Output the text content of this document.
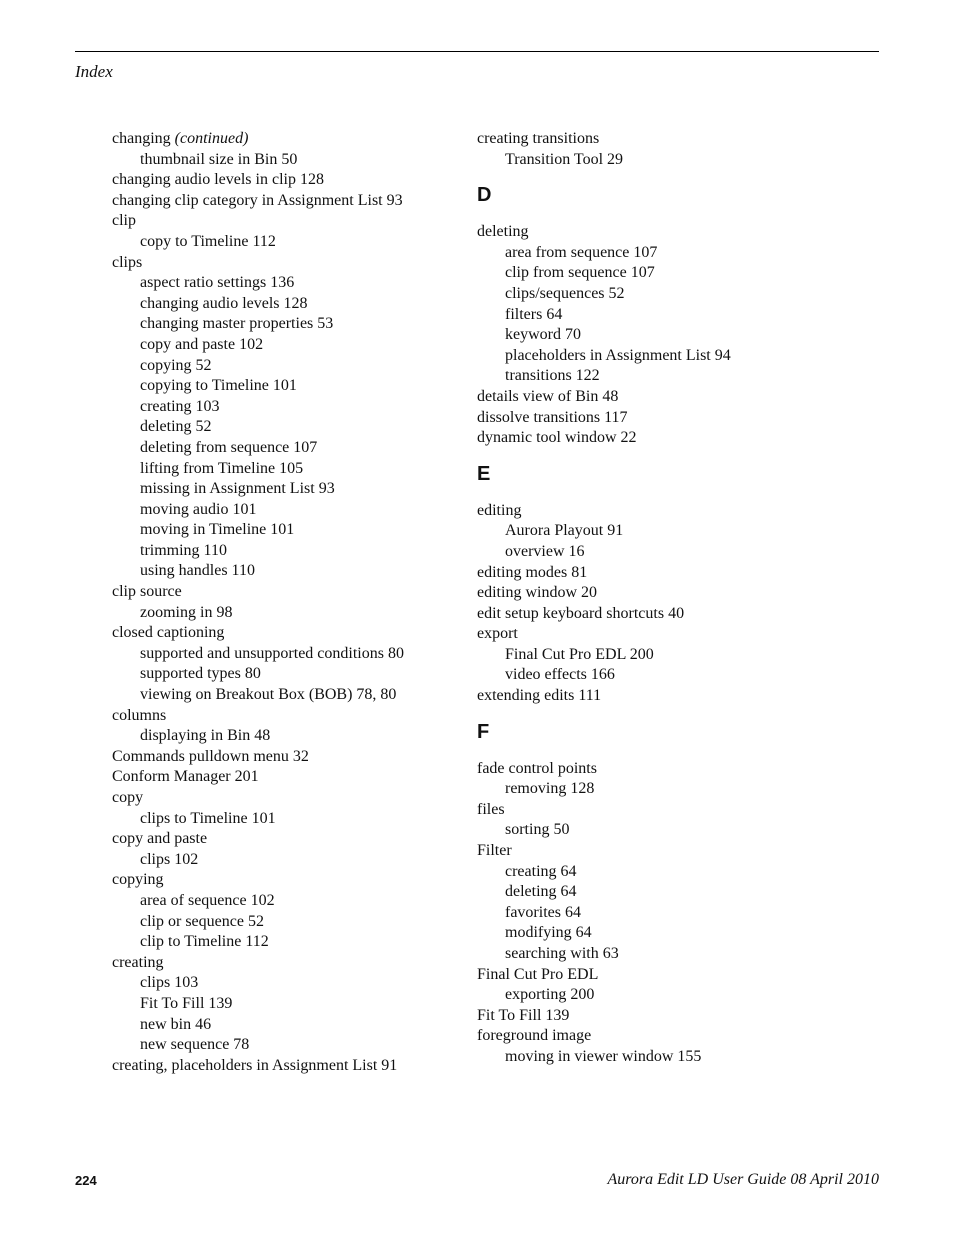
Index
changing (continued)
thumbnail size in Bin 50
changing audio levels in clip 128
changing clip category in Assignment List 93
clip
copy to Timeline 112
clips
aspect ratio settings 136
changing audio levels 128
changing master properties 53
copy and paste 102
copying 52
copying to Timeline 101
creating 103
deleting 52
deleting from sequence 107
lifting from Timeline 105
missing in Assignment List 93
moving audio 101
moving in Timeline 101
trimming 110
using handles 110
clip source
zooming in 98
closed captioning
supported and unsupported conditions 80
supported types 80
viewing on Breakout Box (BOB) 78, 80
columns
displaying in Bin 48
Commands pulldown menu 32
Conform Manager 201
copy
clips to Timeline 101
copy and paste
clips 102
copying
area of sequence 102
clip or sequence 52
clip to Timeline 112
creating
clips 103
Fit To Fill 139
new bin 46
new sequence 78
creating, placeholders in Assignment List 91
creating transitions
Transition Tool 29
D
deleting
area from sequence 107
clip from sequence 107
clips/sequences 52
filters 64
keyword 70
placeholders in Assignment List 94
transitions 122
details view of Bin 48
dissolve transitions 117
dynamic tool window 22
E
editing
Aurora Playout 91
overview 16
editing modes 81
editing window 20
edit setup keyboard shortcuts 40
export
Final Cut Pro EDL 200
video effects 166
extending edits 111
F
fade control points
removing 128
files
sorting 50
Filter
creating 64
deleting 64
favorites 64
modifying 64
searching with 63
Final Cut Pro EDL
exporting 200
Fit To Fill 139
foreground image
moving in viewer window 155
224	Aurora Edit LD User Guide 08 April 2010
